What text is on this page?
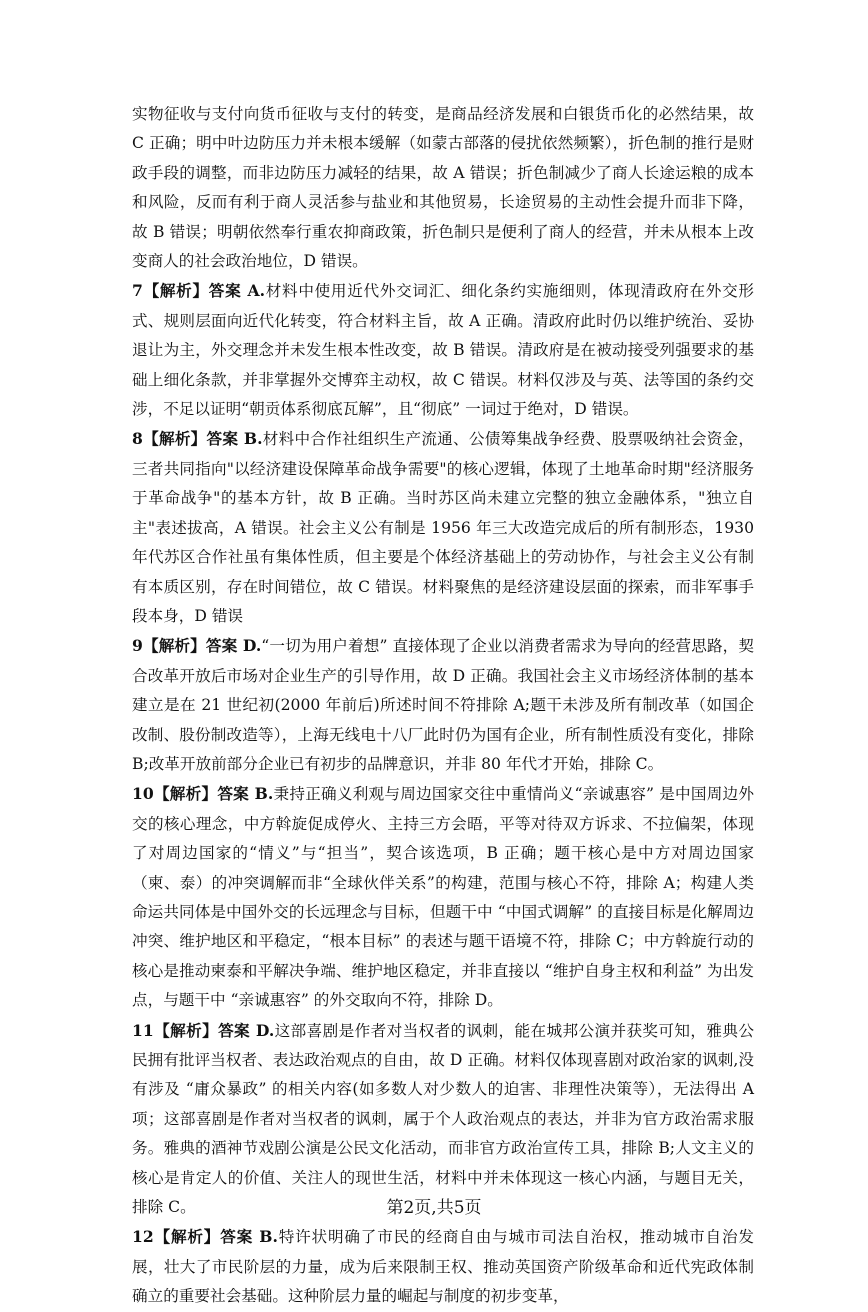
实物征收与支付向货币征收与支付的转变，是商品经济发展和白银货币化的必然结果，故 C 正确；明中叶边防压力并未根本缓解（如蒙古部落的侵扰依然频繁），折色制的推行是财政手段的调整，而非边防压力减轻的结果，故 A 错误；折色制减少了商人长途运粮的成本和风险，反而有利于商人灵活参与盐业和其他贸易，长途贸易的主动性会提升而非下降，故 B 错误；明朝依然奉行重农抑商政策，折色制只是便利了商人的经营，并未从根本上改变商人的社会政治地位，D 错误。

7【解析】答案 A.材料中使用近代外交词汇、细化条约实施细则，体现清政府在外交形式、规则层面向近代化转变，符合材料主旨，故 A 正确。清政府此时仍以维护统治、妥协退让为主，外交理念并未发生根本性改变，故 B 错误。清政府是在被动接受列强要求的基础上细化条款，并非掌握外交博弈主动权，故 C 错误。材料仅涉及与英、法等国的条约交涉，不足以证明“朝贡体系彻底瓦解”，且“彻底” 一词过于绝对，D 错误。

8【解析】答案 B.材料中合作社组织生产流通、公债筹集战争经费、股票吸纳社会资金，三者共同指向"以经济建设保障革命战争需要"的核心逻辑，体现了土地革命时期"经济服务于革命战争"的基本方针，故 B 正确。当时苏区尚未建立完整的独立金融体系，"独立自主"表述拔高，A 错误。社会主义公有制是 1956 年三大改造完成后的所有制形态，1930 年代苏区合作社虽有集体性质，但主要是个体经济基础上的劳动协作，与社会主义公有制有本质区别，存在时间错位，故 C 错误。材料聚焦的是经济建设层面的探索，而非军事手段本身，D 错误

9【解析】答案 D.“一切为用户着想” 直接体现了企业以消费者需求为导向的经营思路，契合改革开放后市场对企业生产的引导作用，故 D 正确。我国社会主义市场经济体制的基本建立是在 21 世纪初(2000 年前后)所述时间不符排除 A;题干未涉及所有制改革（如国企改制、股份制改造等），上海无线电十八厂此时仍为国有企业，所有制性质没有变化，排除 B;改革开放前部分企业已有初步的品牌意识，并非 80 年代才开始，排除 C。

10【解析】答案 B.秉持正确义利观与周边国家交往中重情尚义“亲诚惠容” 是中国周边外交的核心理念，中方斡旋促成停火、主持三方会晤，平等对待双方诉求、不拉偏架，体现了对周边国家的“情义”与“担当”，契合该选项，B 正确；题干核心是中方对周边国家（柬、泰）的冲突调解而非“全球伙伴关系”的构建，范围与核心不符，排除 A；构建人类命运共同体是中国外交的长远理念与目标，但题干中 “中国式调解” 的直接目标是化解周边冲突、维护地区和平稳定，“根本目标” 的表述与题干语境不符，排除 C；中方斡旋行动的核心是推动柬泰和平解决争端、维护地区稳定，并非直接以 “维护自身主权和利益” 为出发点，与题干中 “亲诚惠容” 的外交取向不符，排除 D。

11【解析】答案 D.这部喜剧是作者对当权者的讽刺，能在城邦公演并获奖可知，雅典公民拥有批评当权者、表达政治观点的自由，故 D 正确。材料仅体现喜剧对政治家的讽刺,没有涉及 “庸众暴政” 的相关内容(如多数人对少数人的迫害、非理性决策等），无法得出 A 项；这部喜剧是作者对当权者的讽刺，属于个人政治观点的表达，并非为官方政治需求服务。雅典的酒神节戏剧公演是公民文化活动，而非官方政治宣传工具，排除 B;人文主义的核心是肯定人的价值、关注人的现世生活，材料中并未体现这一核心内涵，与题目无关，排除 C。

12【解析】答案 B.特许状明确了市民的经商自由与城市司法自治权，推动城市自治发展，壮大了市民阶层的力量，成为后来限制王权、推动英国资产阶级革命和近代宪政体制确立的重要社会基础。这种阶层力量的崛起与制度的初步变革，

第2页,共5页
